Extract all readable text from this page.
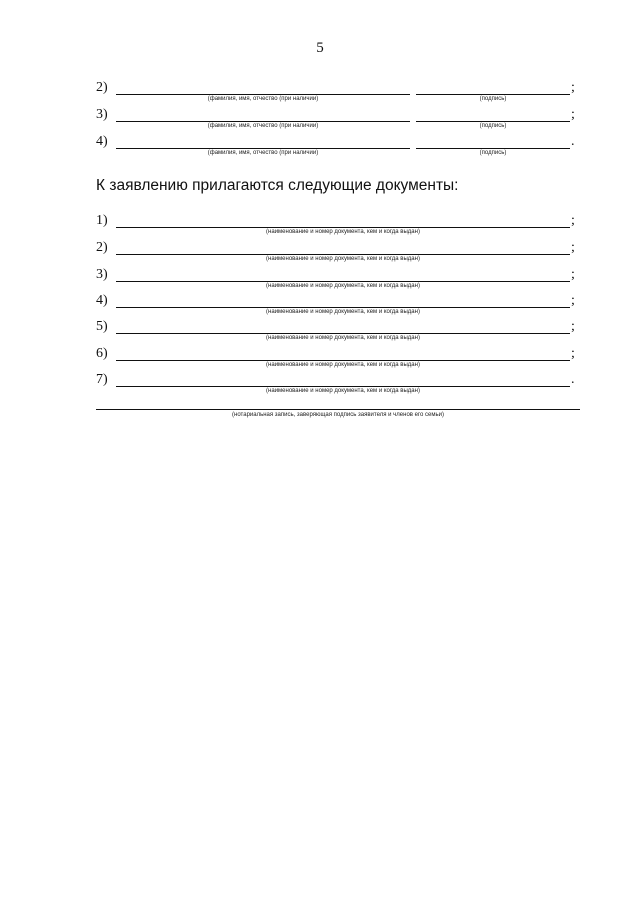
5
2)	;
(фамилия, имя, отчество (при наличии)	(подпись)
3)	;
(фамилия, имя, отчество (при наличии)	(подпись)
4)	.
(фамилия, имя, отчество (при наличии)	(подпись)
К заявлению прилагаются следующие документы:
1)	;
(наименование и номер документа, кем и когда выдан)
2)	;
(наименование и номер документа, кем и когда выдан)
3)	;
(наименование и номер документа, кем и когда выдан)
4)	;
(наименование и номер документа, кем и когда выдан)
5)	;
(наименование и номер документа, кем и когда выдан)
6)	;
(наименование и номер документа, кем и когда выдан)
7)	.
(наименование и номер документа, кем и когда выдан)
(нотариальная запись, заверяющая подпись заявителя и членов его семьи)
